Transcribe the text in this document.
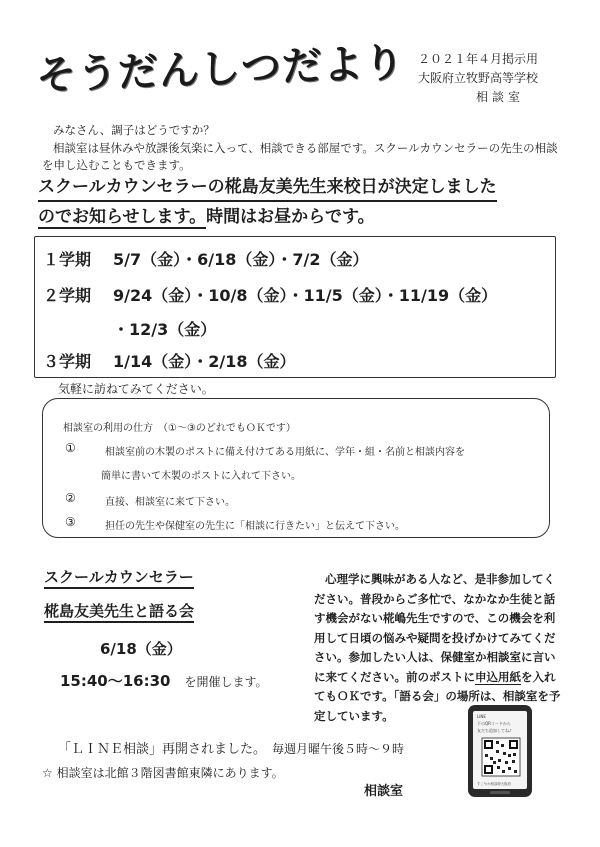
そうだんしつだより ２０２１年４月掲示用
大阪府立牧野高等学校
相談室

みなさん、調子はどうですか？

相談室は昼休みや放課後気楽に入って、相談できる部屋です。スクールカウンセラーの先生の相談を申し込むこともできます。

スクールカウンセラーの椛島友美先生来校日が決定しました
のでお知らせします。時間はお昼からです。
１学期 5/7（金）・6/18（金）・7/2（金）
２学期 9/24（金）・10/8（金）・11/5（金）・11/19（金）
・12/3（金）
３学期 1/14（金）・2/18（金）
気軽に訪ねてみてください。
相談室の利用の仕方　（①～③のどれでもＯＫです）
①	相談室前の木製のポストに備え付けてある用紙に、学年・組・名前と相談内容を
簡単に書いて木製のポストに入れて下さい。
②	直接、相談室に来て下さい。
③	担任の先生や保健室の先生に「相談に行きたい」と伝えて下さい。
スクールカウンセラー
椛島友美先生と語る会
6/18（金）
15:40～16:30 を開催します。

心理学に興味がある人など、是非参加してください。普段からご多忙で、なかなか生徒と話す機会がない椛嶋先生ですので、この機会を利用して日頃の悩みや疑問を投げかけてみてください。参加したい人は、保健室か相談室に言いに来てください。前のポストに申込用紙を入れてもＯＫです。「語る会」の場所は、相談室を予定しています。

「ＬＩＮＥ相談」再開されました。 毎週月曜午後５時～９時
☆ 相談室は北館３階図書館東隣にあります。
相談室
LINE
下のQRコードから
友だち追加してね♪
すこやか相談@大阪府
